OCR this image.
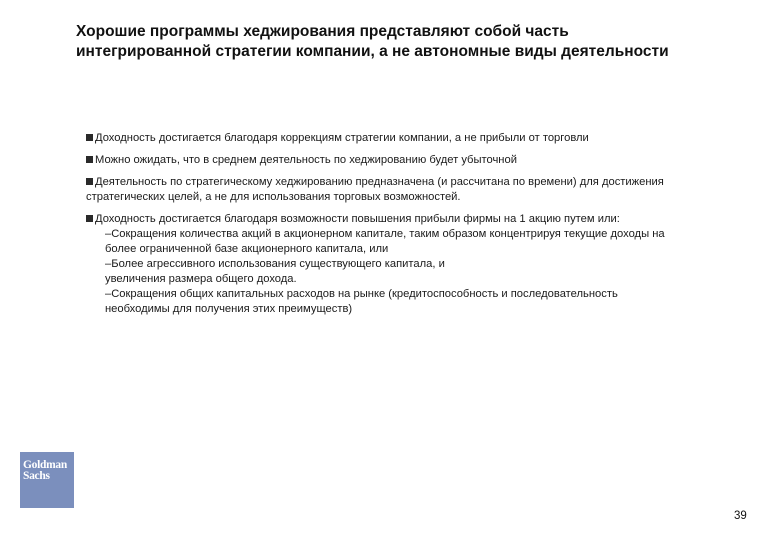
Хорошие программы хеджирования представляют собой часть
интегрированной стратегии компании, а не автономные виды деятельности
Доходность достигается благодаря коррекциям стратегии компании, а не прибыли от торговли
Можно ожидать, что в среднем деятельность по хеджированию будет убыточной
Деятельность по стратегическому хеджированию предназначена (и рассчитана по времени) для достижения
стратегических целей, а не для использования торговых возможностей.
Доходность достигается благодаря возможности повышения прибыли фирмы на 1 акцию путем или:
–Сокращения количества акций в акционерном капитале, таким образом концентрируя текущие доходы на
более ограниченной базе акционерного капитала, или
–Более агрессивного использования существующего капитала, и
увеличения размера общего дохода.
–Сокращения общих капитальных расходов на рынке (кредитоспособность и последовательность
необходимы для получения этих преимуществ)
Goldman
Sachs
39
